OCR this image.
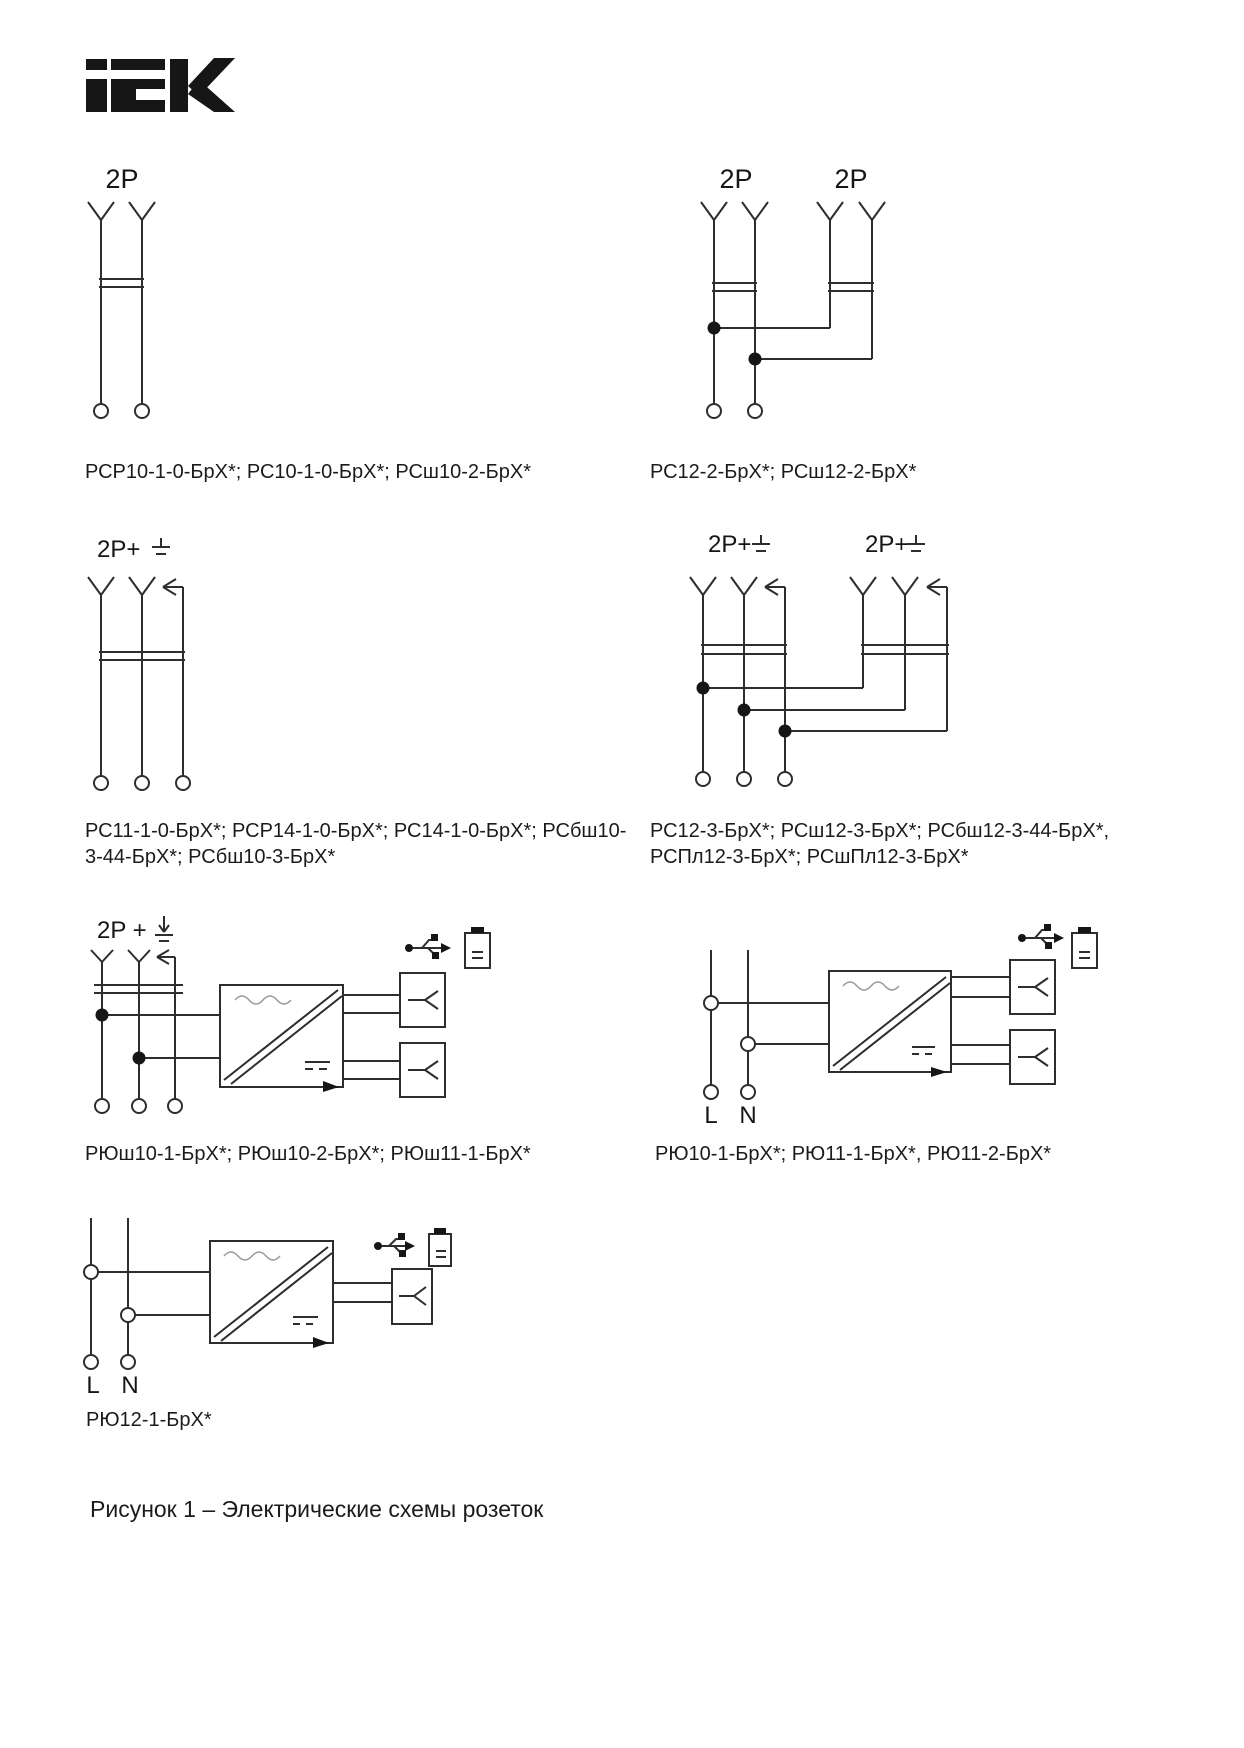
2P	2P	2P
2P+	2P+	2P+
2P +
L N
L N
РСР10-1-0-БрХ*; РС10-1-0-БрХ*; РСш10-2-БрХ*	РС12-2-БрХ*; РСш12-2-БрХ*
РС11-1-0-БрХ*; РСР14-1-0-БрХ*; РС14-1-0-БрХ*; РСбш10-
3-44-БрХ*; РСбш10-3-БрХ*
РС12-3-БрХ*; РСш12-3-БрХ*; РСбш12-3-44-БрХ*,
РСПл12-3-БрХ*; РСшПл12-3-БрХ*
РЮш10-1-БрХ*; РЮш10-2-БрХ*; РЮш11-1-БрХ*	РЮ10-1-БрХ*; РЮ11-1-БрХ*, РЮ11-2-БрХ*
РЮ12-1-БрХ*
Рисунок 1 – Электрические схемы розеток
